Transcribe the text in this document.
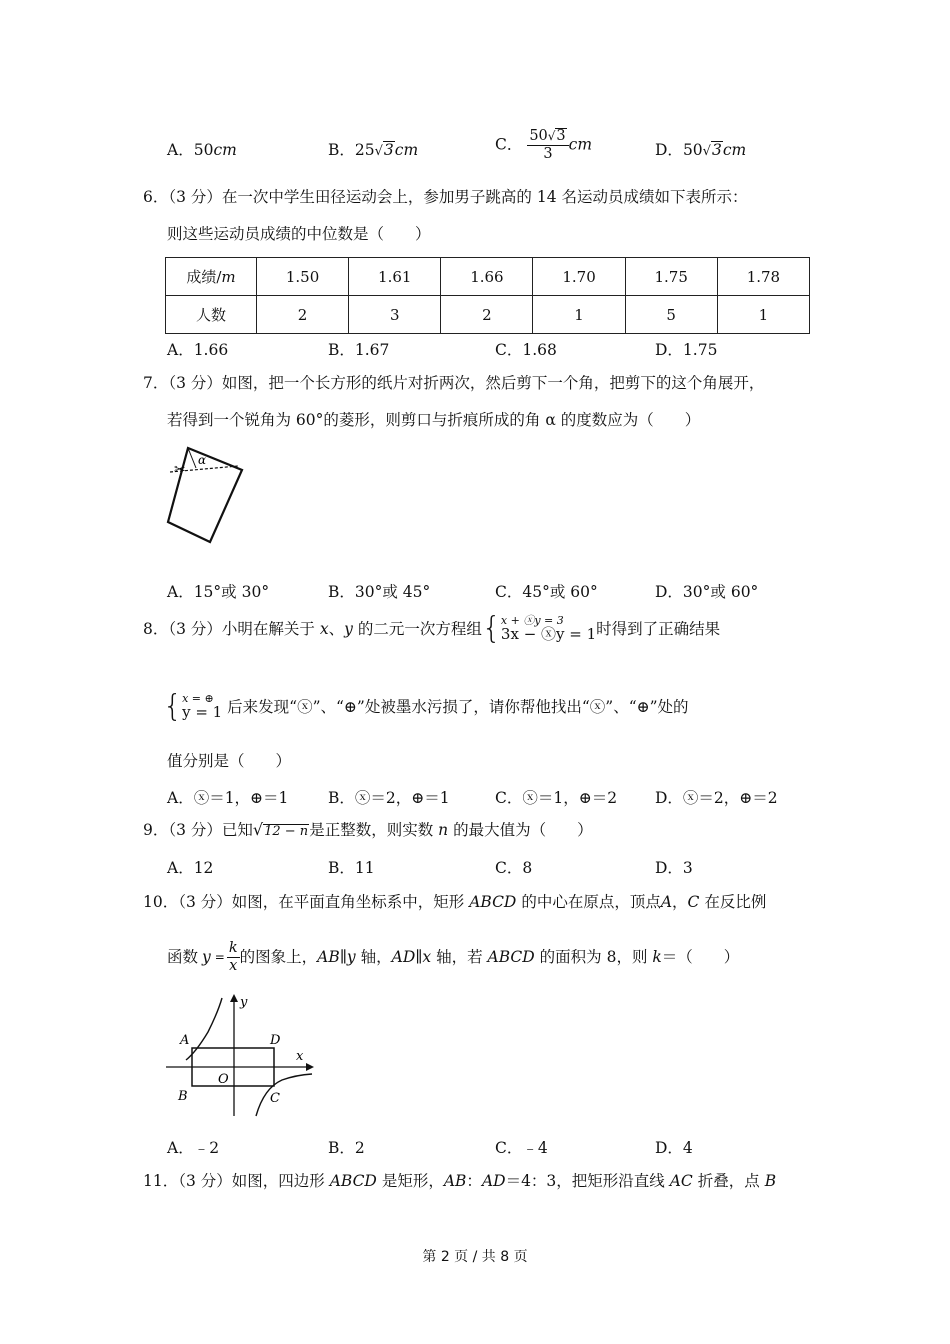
A．50cm	B．25√3cm	C． $\frac{50√3}{3}$ cm	D．50√3cm
6．（3 分）在一次中学生田径运动会上，参加男子跳高的 14 名运动员成绩如下表所示：
则这些运动员成绩的中位数是（　　）
成绩/m	1.50	1.61	1.66	1.70	1.75	1.78
人数	2	3	2	1	5	1
A．1.66	B．1.67	C．1.68	D．1.75
7．（3 分）如图，把一个长方形的纸片对折两次，然后剪下一个角，把剪下的这个角展开，
若得到一个锐角为 60°的菱形，则剪口与折痕所成的角 α 的度数应为（　　）
✂
α
A．15°或 30°	B．30°或 45°	C．45°或 60°	D．30°或 60°
8．（3 分）小明在解关于
x 、 y
的二元一次方程组 { x + ⓧy = 3
3x − ⓧy = 1 时得到了正确结果
{ x = ⊕
y = 1
后来发现“ⓧ”、“⊕”处被墨水污损了，请你帮他找出“ⓧ”、“⊕”处的
值分别是（　　）
A．ⓧ＝1，⊕＝1	B．ⓧ＝2，⊕＝1	C．ⓧ＝1，⊕＝2 D．ⓧ＝2，⊕＝2
9．（3 分）已知√12 − n是正整数，则实数 n 的最大值为（　　）
A．12	B．11	C．8	D．3
10．（3 分）如图，在平面直角坐标系中，矩形 ABCD 的中心在原点，顶点A，C 在反比例
函数 $y = \frac{k}{x}$ 的图象上， AB∥y
轴， AD∥x
轴，若
ABCD
的面积为 8，则
k ＝（　　）
y
x
A	D
O
B	C
A．﹣2	B．2	C．﹣4	D．4
11．（3 分）如图，四边形 ABCD 是矩形，AB：AD＝4：3，把矩形沿直线 AC 折叠，点 B
第 2 页 / 共 8 页
